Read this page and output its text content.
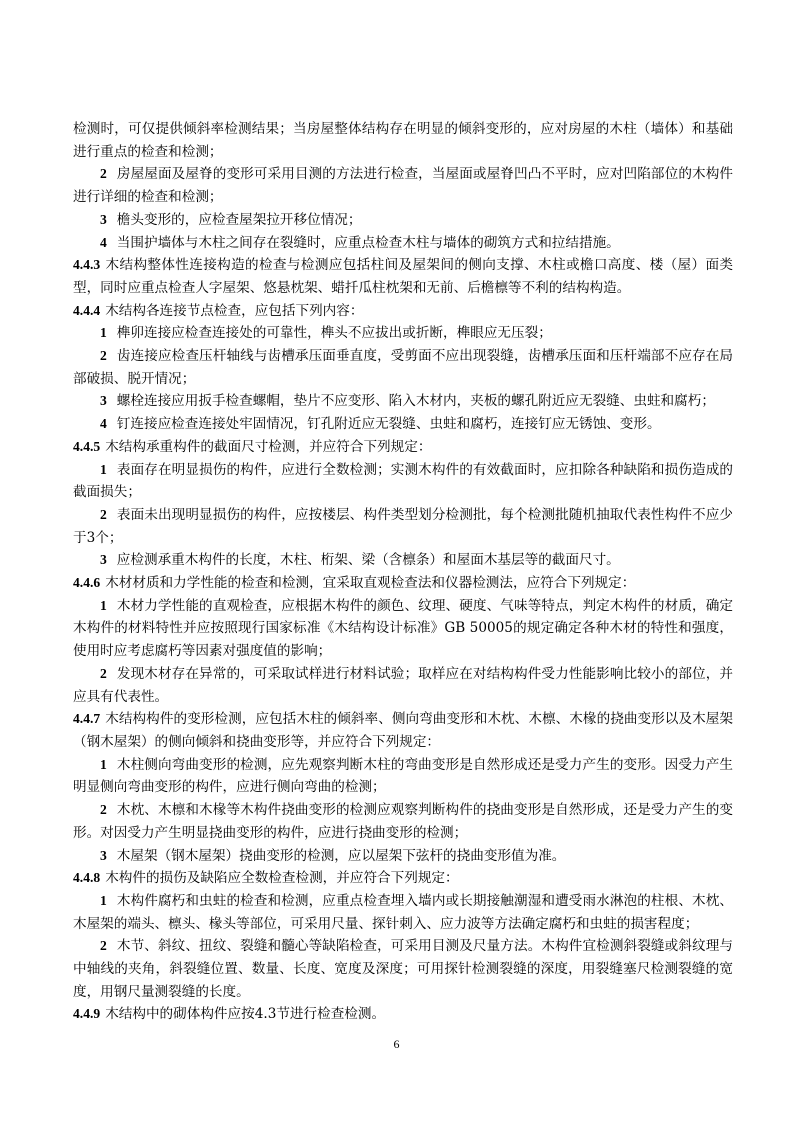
检测时，可仅提供倾斜率检测结果；当房屋整体结构存在明显的倾斜变形的，应对房屋的木柱（墙体）和基础进行重点的检查和检测；

2 房屋屋面及屋脊的变形可采用目测的方法进行检查，当屋面或屋脊凹凸不平时，应对凹陷部位的木构件进行详细的检查和检测；

3 檐头变形的，应检查屋架拉开移位情况；

4 当围护墙体与木柱之间存在裂缝时，应重点检查木柱与墙体的砌筑方式和拉结措施。

4.4.3 木结构整体性连接构造的检查与检测应包括柱间及屋架间的侧向支撑、木柱或檐口高度、楼（屋）面类型，同时应重点检查人字屋架、悠悬枕架、蜡扦瓜柱枕架和无前、后檐檩等不利的结构构造。

4.4.4 木结构各连接节点检查，应包括下列内容：

1 榫卯连接应检查连接处的可靠性，榫头不应拔出或折断，榫眼应无压裂；

2 齿连接应检查压杆轴线与齿槽承压面垂直度，受剪面不应出现裂缝，齿槽承压面和压杆端部不应存在局部破损、脱开情况；

3 螺栓连接应用扳手检查螺帽，垫片不应变形、陷入木材内，夹板的螺孔附近应无裂缝、虫蛀和腐朽；

4 钉连接应检查连接处牢固情况，钉孔附近应无裂缝、虫蛀和腐朽，连接钉应无锈蚀、变形。

4.4.5 木结构承重构件的截面尺寸检测，并应符合下列规定：

1 表面存在明显损伤的构件，应进行全数检测；实测木构件的有效截面时，应扣除各种缺陷和损伤造成的截面损失；

2 表面未出现明显损伤的构件，应按楼层、构件类型划分检测批，每个检测批随机抽取代表性构件不应少于3个；

3 应检测承重木构件的长度，木柱、桁架、梁（含檩条）和屋面木基层等的截面尺寸。

4.4.6 木材材质和力学性能的检查和检测，宜采取直观检查法和仪器检测法，应符合下列规定：

1 木材力学性能的直观检查，应根据木构件的颜色、纹理、硬度、气味等特点，判定木构件的材质，确定木构件的材料特性并应按照现行国家标准《木结构设计标准》GB 50005的规定确定各种木材的特性和强度，使用时应考虑腐朽等因素对强度值的影响；

2 发现木材存在异常的，可采取试样进行材料试验；取样应在对结构构件受力性能影响比较小的部位，并应具有代表性。

4.4.7 木结构构件的变形检测，应包括木柱的倾斜率、侧向弯曲变形和木枕、木檩、木椽的挠曲变形以及木屋架（钢木屋架）的侧向倾斜和挠曲变形等，并应符合下列规定：

1 木柱侧向弯曲变形的检测，应先观察判断木柱的弯曲变形是自然形成还是受力产生的变形。因受力产生明显侧向弯曲变形的构件，应进行侧向弯曲的检测；

2 木枕、木檩和木椽等木构件挠曲变形的检测应观察判断构件的挠曲变形是自然形成，还是受力产生的变形。对因受力产生明显挠曲变形的构件，应进行挠曲变形的检测；

3 木屋架（钢木屋架）挠曲变形的检测，应以屋架下弦杆的挠曲变形值为准。

4.4.8 木构件的损伤及缺陷应全数检查检测，并应符合下列规定：

1 木构件腐朽和虫蛀的检查和检测，应重点检查埋入墙内或长期接触潮湿和遭受雨水淋泡的柱根、木枕、木屋架的端头、檩头、椽头等部位，可采用尺量、探针刺入、应力波等方法确定腐朽和虫蛀的损害程度；

2 木节、斜纹、扭纹、裂缝和髓心等缺陷检查，可采用目测及尺量方法。木构件宜检测斜裂缝或斜纹理与中轴线的夹角，斜裂缝位置、数量、长度、宽度及深度；可用探针检测裂缝的深度，用裂缝塞尺检测裂缝的宽度，用钢尺量测裂缝的长度。

4.4.9 木结构中的砌体构件应按4.3节进行检查检测。

6
